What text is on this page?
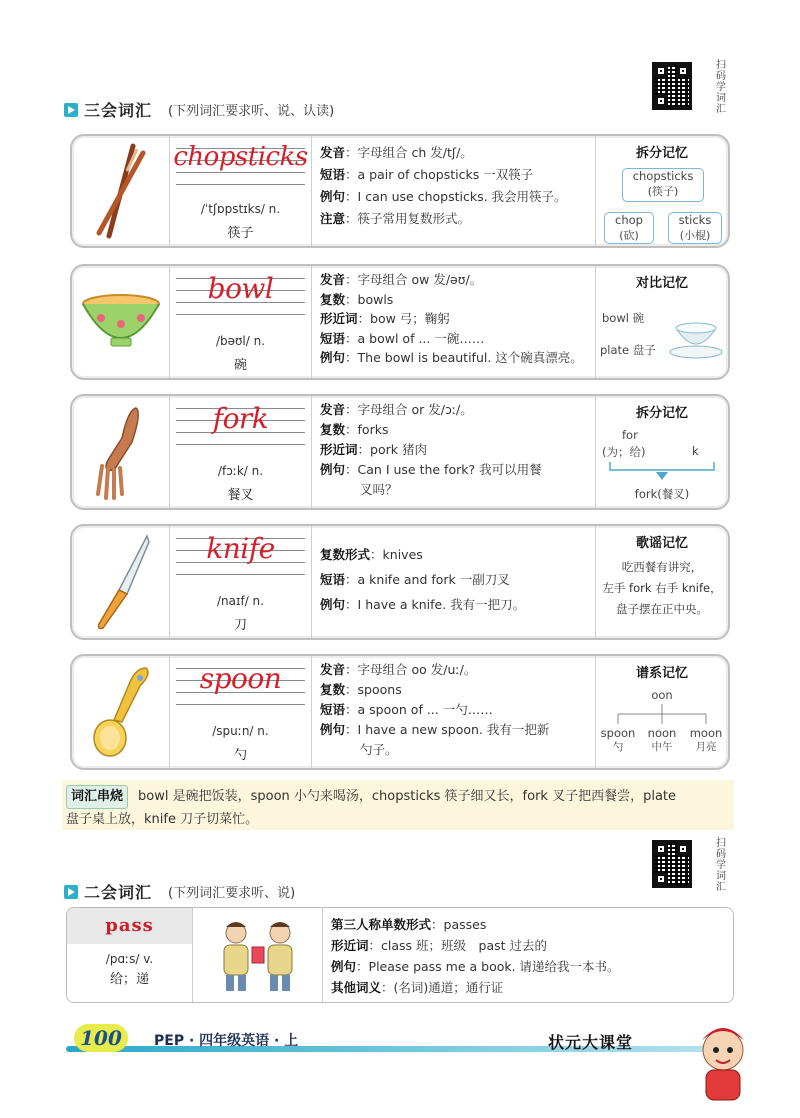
扫码学词汇
三会词汇 (下列词汇要求听、说、认读)
chopsticks
/ˈtʃɒpstɪks/ n.
筷子
发音：字母组合 ch 发/tʃ/。
短语：a pair of chopsticks 一双筷子
例句：I can use chopsticks. 我会用筷子。
注意：筷子常用复数形式。
拆分记忆
chopsticks
(筷子)
chop
(砍)
sticks
(小棍)
bowl
/bəʊl/ n.
碗
发音：字母组合 ow 发/əʊ/。
复数：bowls
形近词：bow 弓；鞠躬
短语：a bowl of ... 一碗……
例句：The bowl is beautiful. 这个碗真漂亮。
对比记忆
bowl 碗
plate 盘子
fork
/fɔːk/ n.
餐叉
发音：字母组合 or 发/ɔː/。
复数：forks
形近词：pork 猪肉
例句：Can I use the fork? 我可以用餐
叉吗？
拆分记忆
for
(为；给)	k
fork(餐叉)
knife
/naɪf/ n.
刀
复数形式：knives
短语：a knife and fork 一副刀叉
例句：I have a knife. 我有一把刀。
歌谣记忆
吃西餐有讲究，
左手 fork 右手 knife，
盘子摆在正中央。
spoon
/spuːn/ n.
勺
发音：字母组合 oo 发/uː/。
复数：spoons
短语：a spoon of ... 一勺……
例句：I have a new spoon. 我有一把新
勺子。
谱系记忆
oon
spoon
勺
noon
中午
moon
月亮
词汇串烧 bowl 是碗把饭装，spoon 小勺来喝汤，chopsticks 筷子细又长，fork 叉子把西餐尝，plate
盘子桌上放，knife 刀子切菜忙。
扫码学词汇
二会词汇 (下列词汇要求听、说)
pass
/pɑːs/ v.
给；递
第三人称单数形式：passes
形近词：class 班；班级　past 过去的
例句：Please pass me a book. 请递给我一本书。
其他词义：(名词)通道；通行证
100	PEP · 四年级英语 · 上	状元大课堂
